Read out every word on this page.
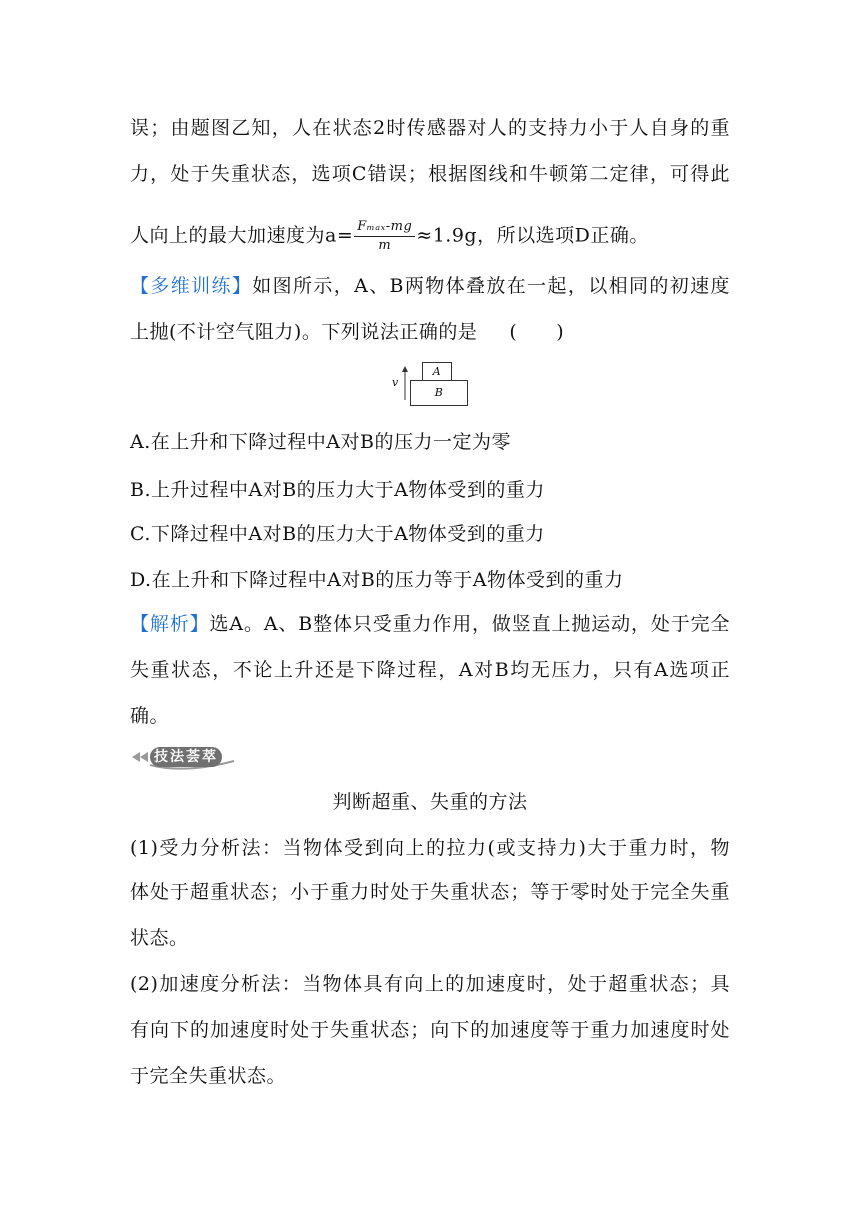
误；由题图乙知，人在状态2时传感器对人的支持力小于人自身的重
力，处于失重状态，选项C错误；根据图线和牛顿第二定律，可得此
人向上的最大加速度为$a= \frac{\text{Fₘₐₓ-mg}}{m} \approx 1.9g$，所以选项D正确。
【多维训练】如图所示，A、B两物体叠放在一起，以相同的初速度
上抛(不计空气阻力)。下列说法正确的是 (　　)
v
A
B
A.在上升和下降过程中A对B的压力一定为零
B.上升过程中A对B的压力大于A物体受到的重力
C.下降过程中A对B的压力大于A物体受到的重力
D.在上升和下降过程中A对B的压力等于A物体受到的重力
【解析】选A。A、B整体只受重力作用，做竖直上抛运动，处于完全
失重状态，不论上升还是下降过程，A对B均无压力，只有A选项正
确。
技法荟萃
判断超重、失重的方法
(1)受力分析法：当物体受到向上的拉力(或支持力)大于重力时，物
体处于超重状态；小于重力时处于失重状态；等于零时处于完全失重
状态。
(2)加速度分析法：当物体具有向上的加速度时，处于超重状态；具
有向下的加速度时处于失重状态；向下的加速度等于重力加速度时处
于完全失重状态。
